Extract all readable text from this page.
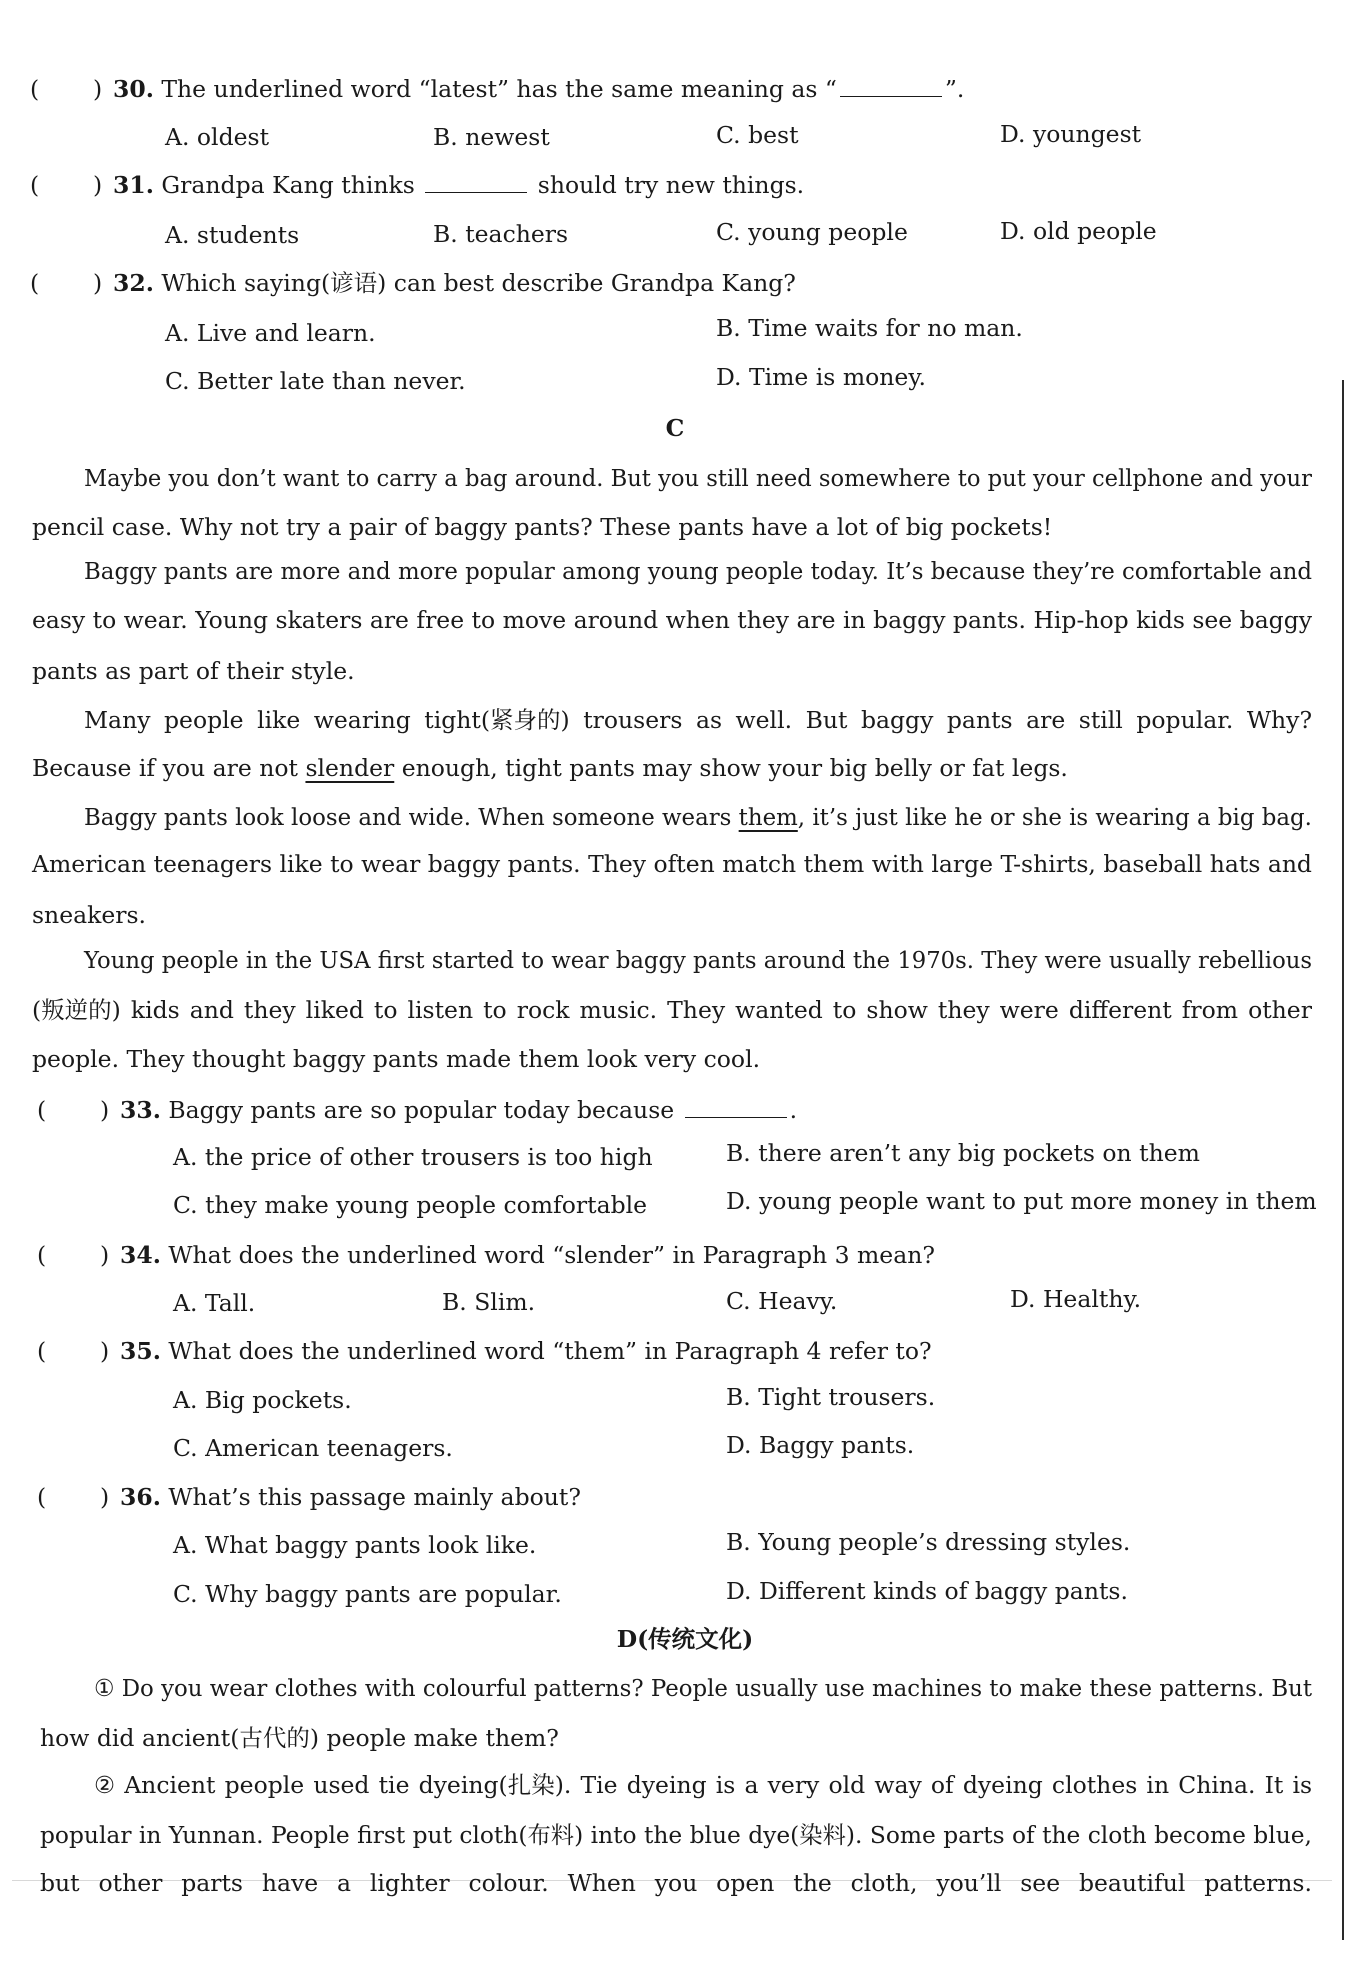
( ) 30. The underlined word “latest” has the same meaning as “	”.
A. oldest	B. newest	C. best	D. youngest
( ) 31. Grandpa Kang thinks	should try new things.
A. students	B. teachers	C. young people	D. old people
( ) 32. Which saying(谚语) can best describe Grandpa Kang?
A. Live and learn.	B. Time waits for no man.
C. Better late than never.	D. Time is money.
C
Maybe you don’t want to carry a bag around. But you still need somewhere to put your cellphone and your
pencil case. Why not try a pair of baggy pants? These pants have a lot of big pockets!
Baggy pants are more and more popular among young people today. It’s because they’re comfortable and
easy to wear. Young skaters are free to move around when they are in baggy pants. Hip-hop kids see baggy
pants as part of their style.
Many people like wearing tight(紧身的) trousers as well. But baggy pants are still popular. Why?
Because if you are not slender enough, tight pants may show your big belly or fat legs.
Baggy pants look loose and wide. When someone wears them, it’s just like he or she is wearing a big bag.
American teenagers like to wear baggy pants. They often match them with large T-shirts, baseball hats and
sneakers.
Young people in the USA first started to wear baggy pants around the 1970s. They were usually rebellious
(叛逆的) kids and they liked to listen to rock music. They wanted to show they were different from other
people. They thought baggy pants made them look very cool.
( ) 33. Baggy pants are so popular today because	.
A. the price of other trousers is too high	B. there aren’t any big pockets on them
C. they make young people comfortable	D. young people want to put more money in them
( ) 34. What does the underlined word “slender” in Paragraph 3 mean?
A. Tall.	B. Slim.	C. Heavy.	D. Healthy.
( ) 35. What does the underlined word “them” in Paragraph 4 refer to?
A. Big pockets.	B. Tight trousers.
C. American teenagers.	D. Baggy pants.
( ) 36. What’s this passage mainly about?
A. What baggy pants look like.	B. Young people’s dressing styles.
C. Why baggy pants are popular.	D. Different kinds of baggy pants.
D(传统文化)
① Do you wear clothes with colourful patterns? People usually use machines to make these patterns. But
how did ancient(古代的) people make them?
② Ancient people used tie dyeing(扎染). Tie dyeing is a very old way of dyeing clothes in China. It is
popular in Yunnan. People first put cloth(布料) into the blue dye(染料). Some parts of the cloth become blue,
but other parts have a lighter colour. When you open the cloth, you’ll see beautiful patterns.
